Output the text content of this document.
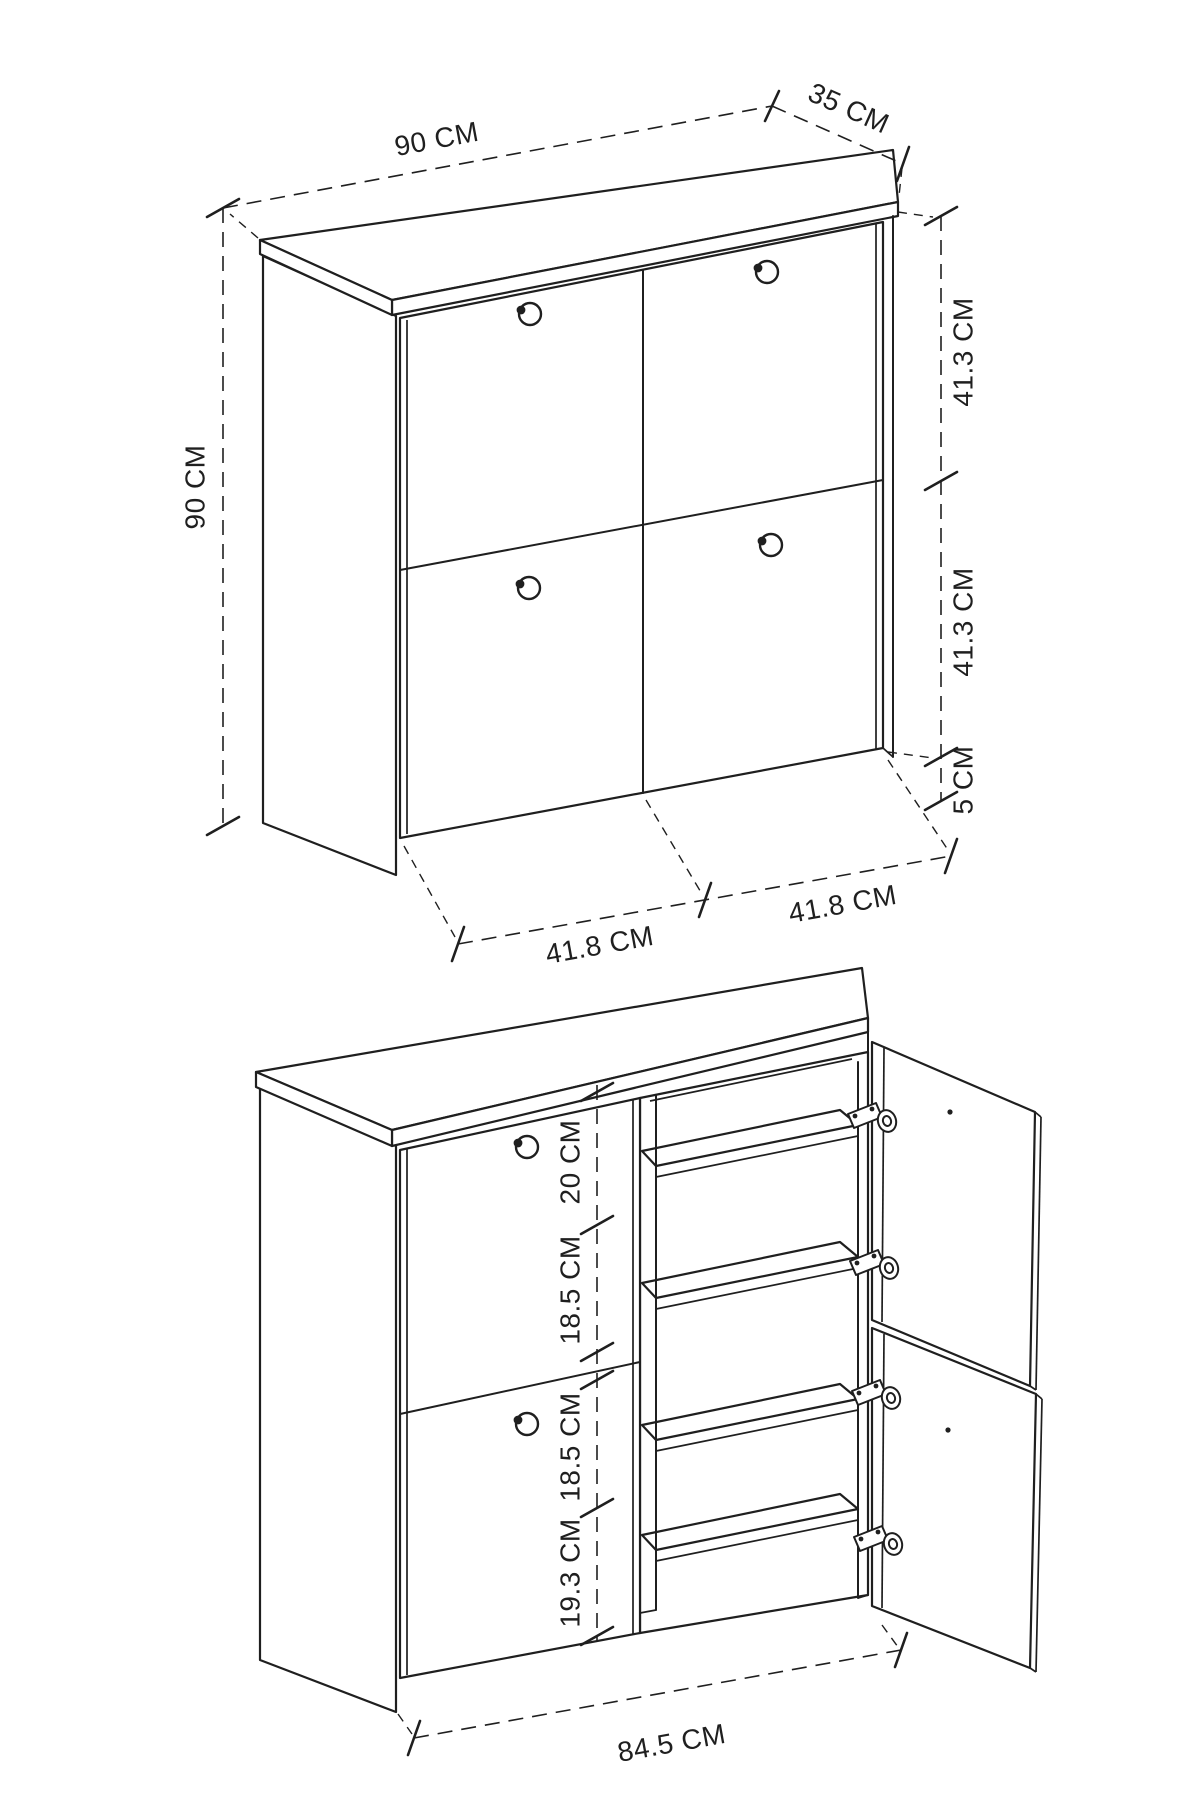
90 CM
90 CM	35 CM
41.3 CM
41.3 CM
5 CM
41.8 CM
41.8 CM
20 CM
18.5 CM
18.5 CM
19.3 CM
84.5 CM
